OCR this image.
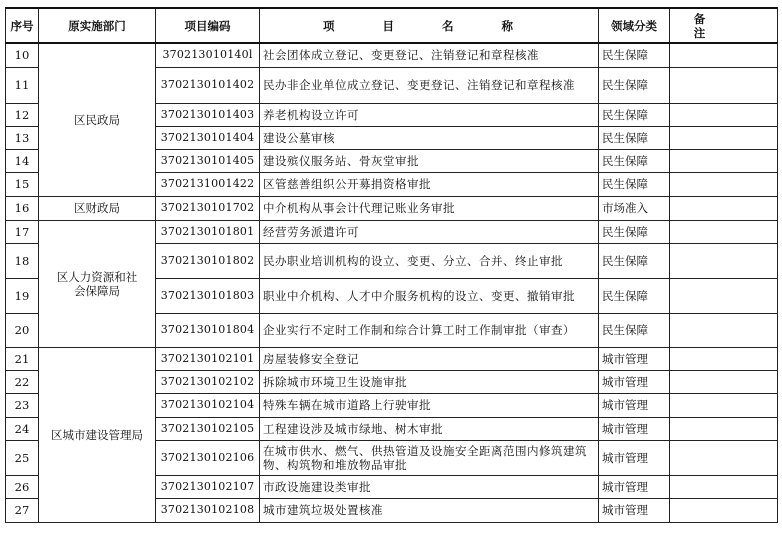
序号	原实施部门	项目编码	项 目 名 称	领域分类	备 注
10	区民政局	370213010140l	社会团体成立登记、变更登记、注销登记和章程核准	民生保障	
11		3702130101402	民办非企业单位成立登记、变更登记、注销登记和章程核准	民生保障	
12		3702130101403	养老机构设立许可	民生保障	
13		3702130101404	建设公墓审核	民生保障	
14		3702130101405	建设殡仪服务站、骨灰堂审批	民生保障	
15		3702131001422	区管慈善组织公开募捐资格审批	民生保障	
16	区财政局	3702130101702	中介机构从事会计代理记账业务审批	市场准入	
17	区人力资源和社会保障局	3702130101801	经营劳务派遣许可	民生保障	
18		3702130101802	民办职业培训机构的设立、变更、分立、合并、终止审批	民生保障	
19		3702130101803	职业中介机构、人才中介服务机构的设立、变更、撤销审批	民生保障	
20		3702130101804	企业实行不定时工作制和综合计算工时工作制审批（审查）	民生保障	
21	区城市建设管理局	3702130102101	房屋装修安全登记	城市管理	
22		3702130102102	拆除城市环境卫生设施审批	城市管理	
23		3702130102104	特殊车辆在城市道路上行驶审批	城市管理	
24		3702130102105	工程建设涉及城市绿地、树木审批	城市管理	
25		3702130102106	在城市供水、燃气、供热管道及设施安全距离范围内修筑建筑物、构筑物和堆放物品审批	城市管理	
26		3702130102107	市政设施建设类审批	城市管理	
27		3702130102108	城市建筑垃圾处置核准	城市管理	
